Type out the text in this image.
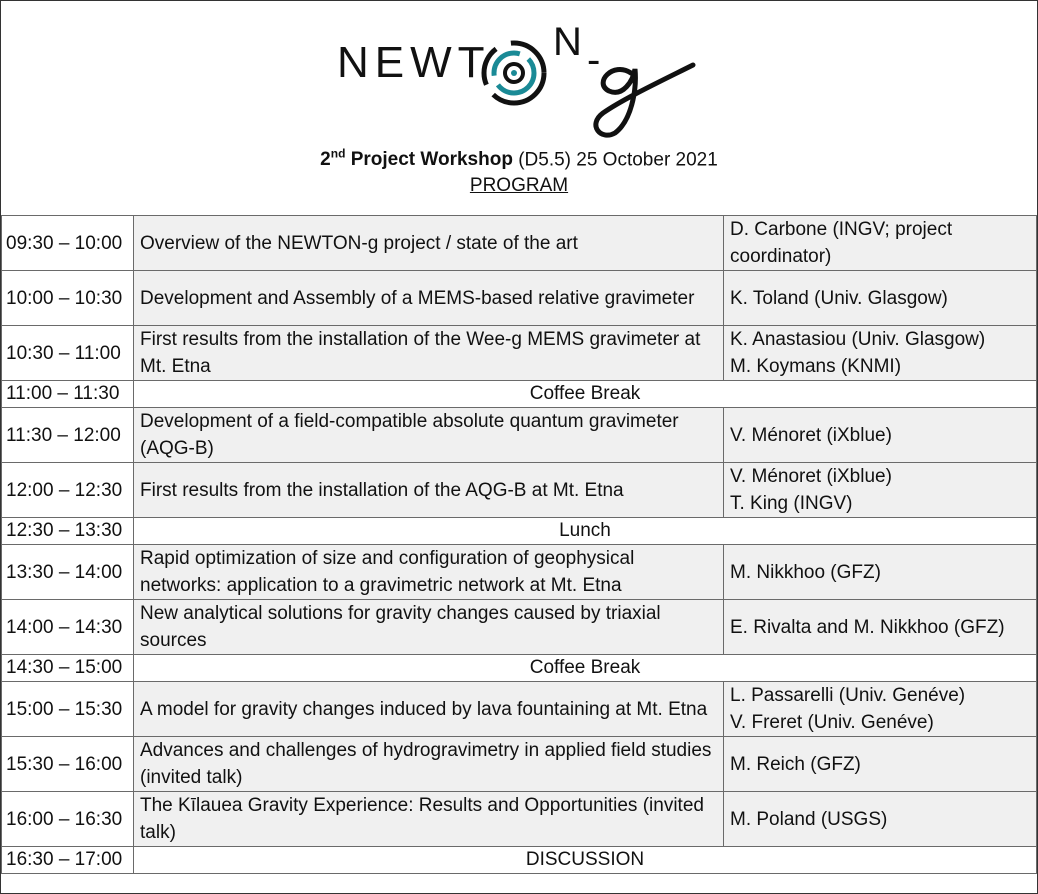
NEWT N -
2nd Project Workshop (D5.5) 25 October 2021
PROGRAM
09:30 – 10:00	Overview of the NEWTON-g project / state of the art	D. Carbone (INGV; project coordinator)

10:00 – 10:30	Development and Assembly of a MEMS-based relative gravimeter	K. Toland (Univ. Glasgow)

10:30 – 11:00	First results from the installation of the Wee-g MEMS gravimeter at Mt. Etna	K. Anastasiou (Univ. Glasgow)
M. Koymans (KNMI)

11:00 – 11:30	Coffee Break	
11:30 – 12:00	Development of a field-compatible absolute quantum gravimeter (AQG-B)	V. Ménoret (iXblue)

12:00 – 12:30	First results from the installation of the AQG-B at Mt. Etna	V. Ménoret (iXblue)
T. King (INGV)

12:30 – 13:30	Lunch	
13:30 – 14:00	Rapid optimization of size and configuration of geophysical networks: application to a gravimetric network at Mt. Etna	M. Nikkhoo (GFZ)

14:00 – 14:30	New analytical solutions for gravity changes caused by triaxial sources	E. Rivalta and M. Nikkhoo (GFZ)

14:30 – 15:00	Coffee Break	
15:00 – 15:30	A model for gravity changes induced by lava fountaining at Mt. Etna	L. Passarelli (Univ. Genéve)
V. Freret (Univ. Genéve)

15:30 – 16:00	Advances and challenges of hydrogravimetry in applied field studies (invited talk)	M. Reich (GFZ)

16:00 – 16:30	The Kīlauea Gravity Experience: Results and Opportunities (invited talk)	M. Poland (USGS)

16:30 – 17:00	DISCUSSION	
